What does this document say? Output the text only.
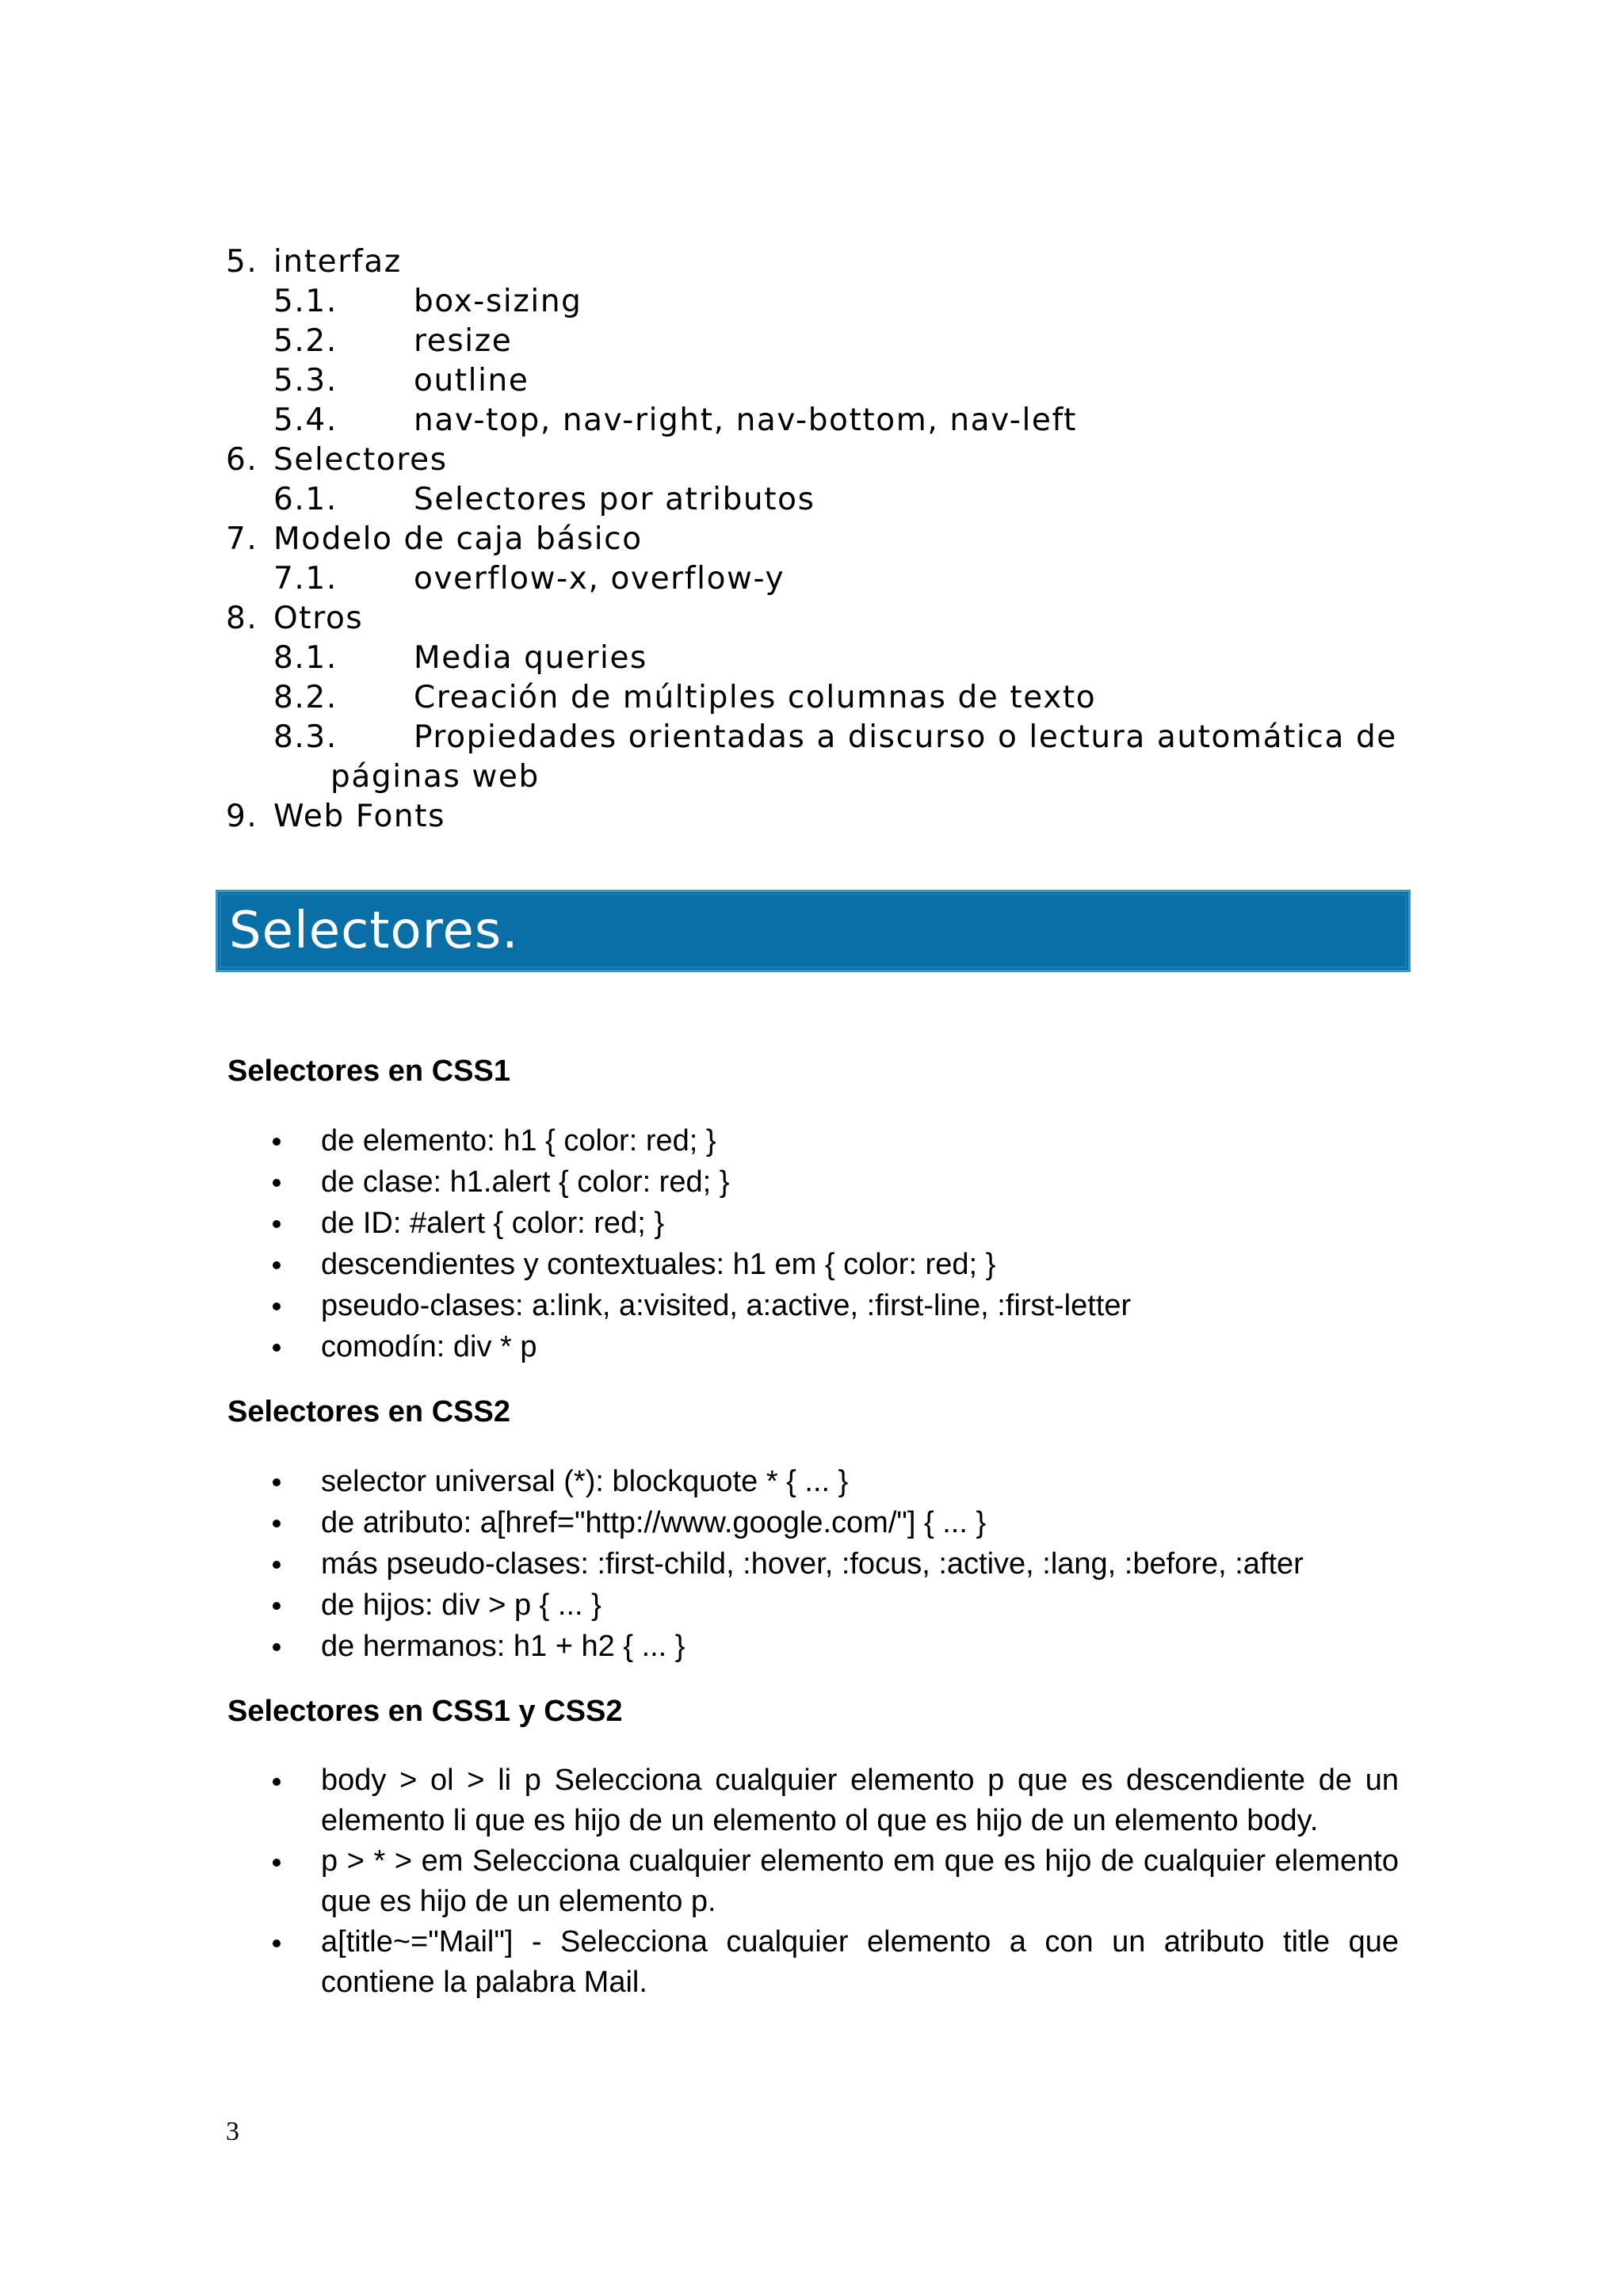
5. interfaz
5.1. box-sizing
5.2. resize
5.3. outline
5.4. nav-top, nav-right, nav-bottom, nav-left
6. Selectores
6.1. Selectores por atributos
7. Modelo de caja básico
7.1. overflow-x, overflow-y
8. Otros
8.1. Media queries
8.2. Creación de múltiples columnas de texto
8.3. Propiedades orientadas a discurso o lectura automática de
páginas web
9. Web Fonts
Selectores.
Selectores en CSS1
de elemento: h1 { color: red; }
de clase: h1.alert { color: red; }
de ID: #alert { color: red; }
descendientes y contextuales: h1 em { color: red; }
pseudo-clases: a:link, a:visited, a:active, :first-line, :first-letter
comodín: div * p
Selectores en CSS2
selector universal (*): blockquote * { ... }
de atributo: a[href="http://www.google.com/"] { ... }
más pseudo-clases: :first-child, :hover, :focus, :active, :lang, :before, :after
de hijos: div > p { ... }
de hermanos: h1 + h2 { ... }
Selectores en CSS1 y CSS2
body > ol > li p Selecciona cualquier elemento p que es descendiente de un elemento li que es hijo de un elemento ol que es hijo de un elemento body.
p > * > em Selecciona cualquier elemento em que es hijo de cualquier elemento que es hijo de un elemento p.
a[title~="Mail"] - Selecciona cualquier elemento a con un atributo title que contiene la palabra Mail.
3
